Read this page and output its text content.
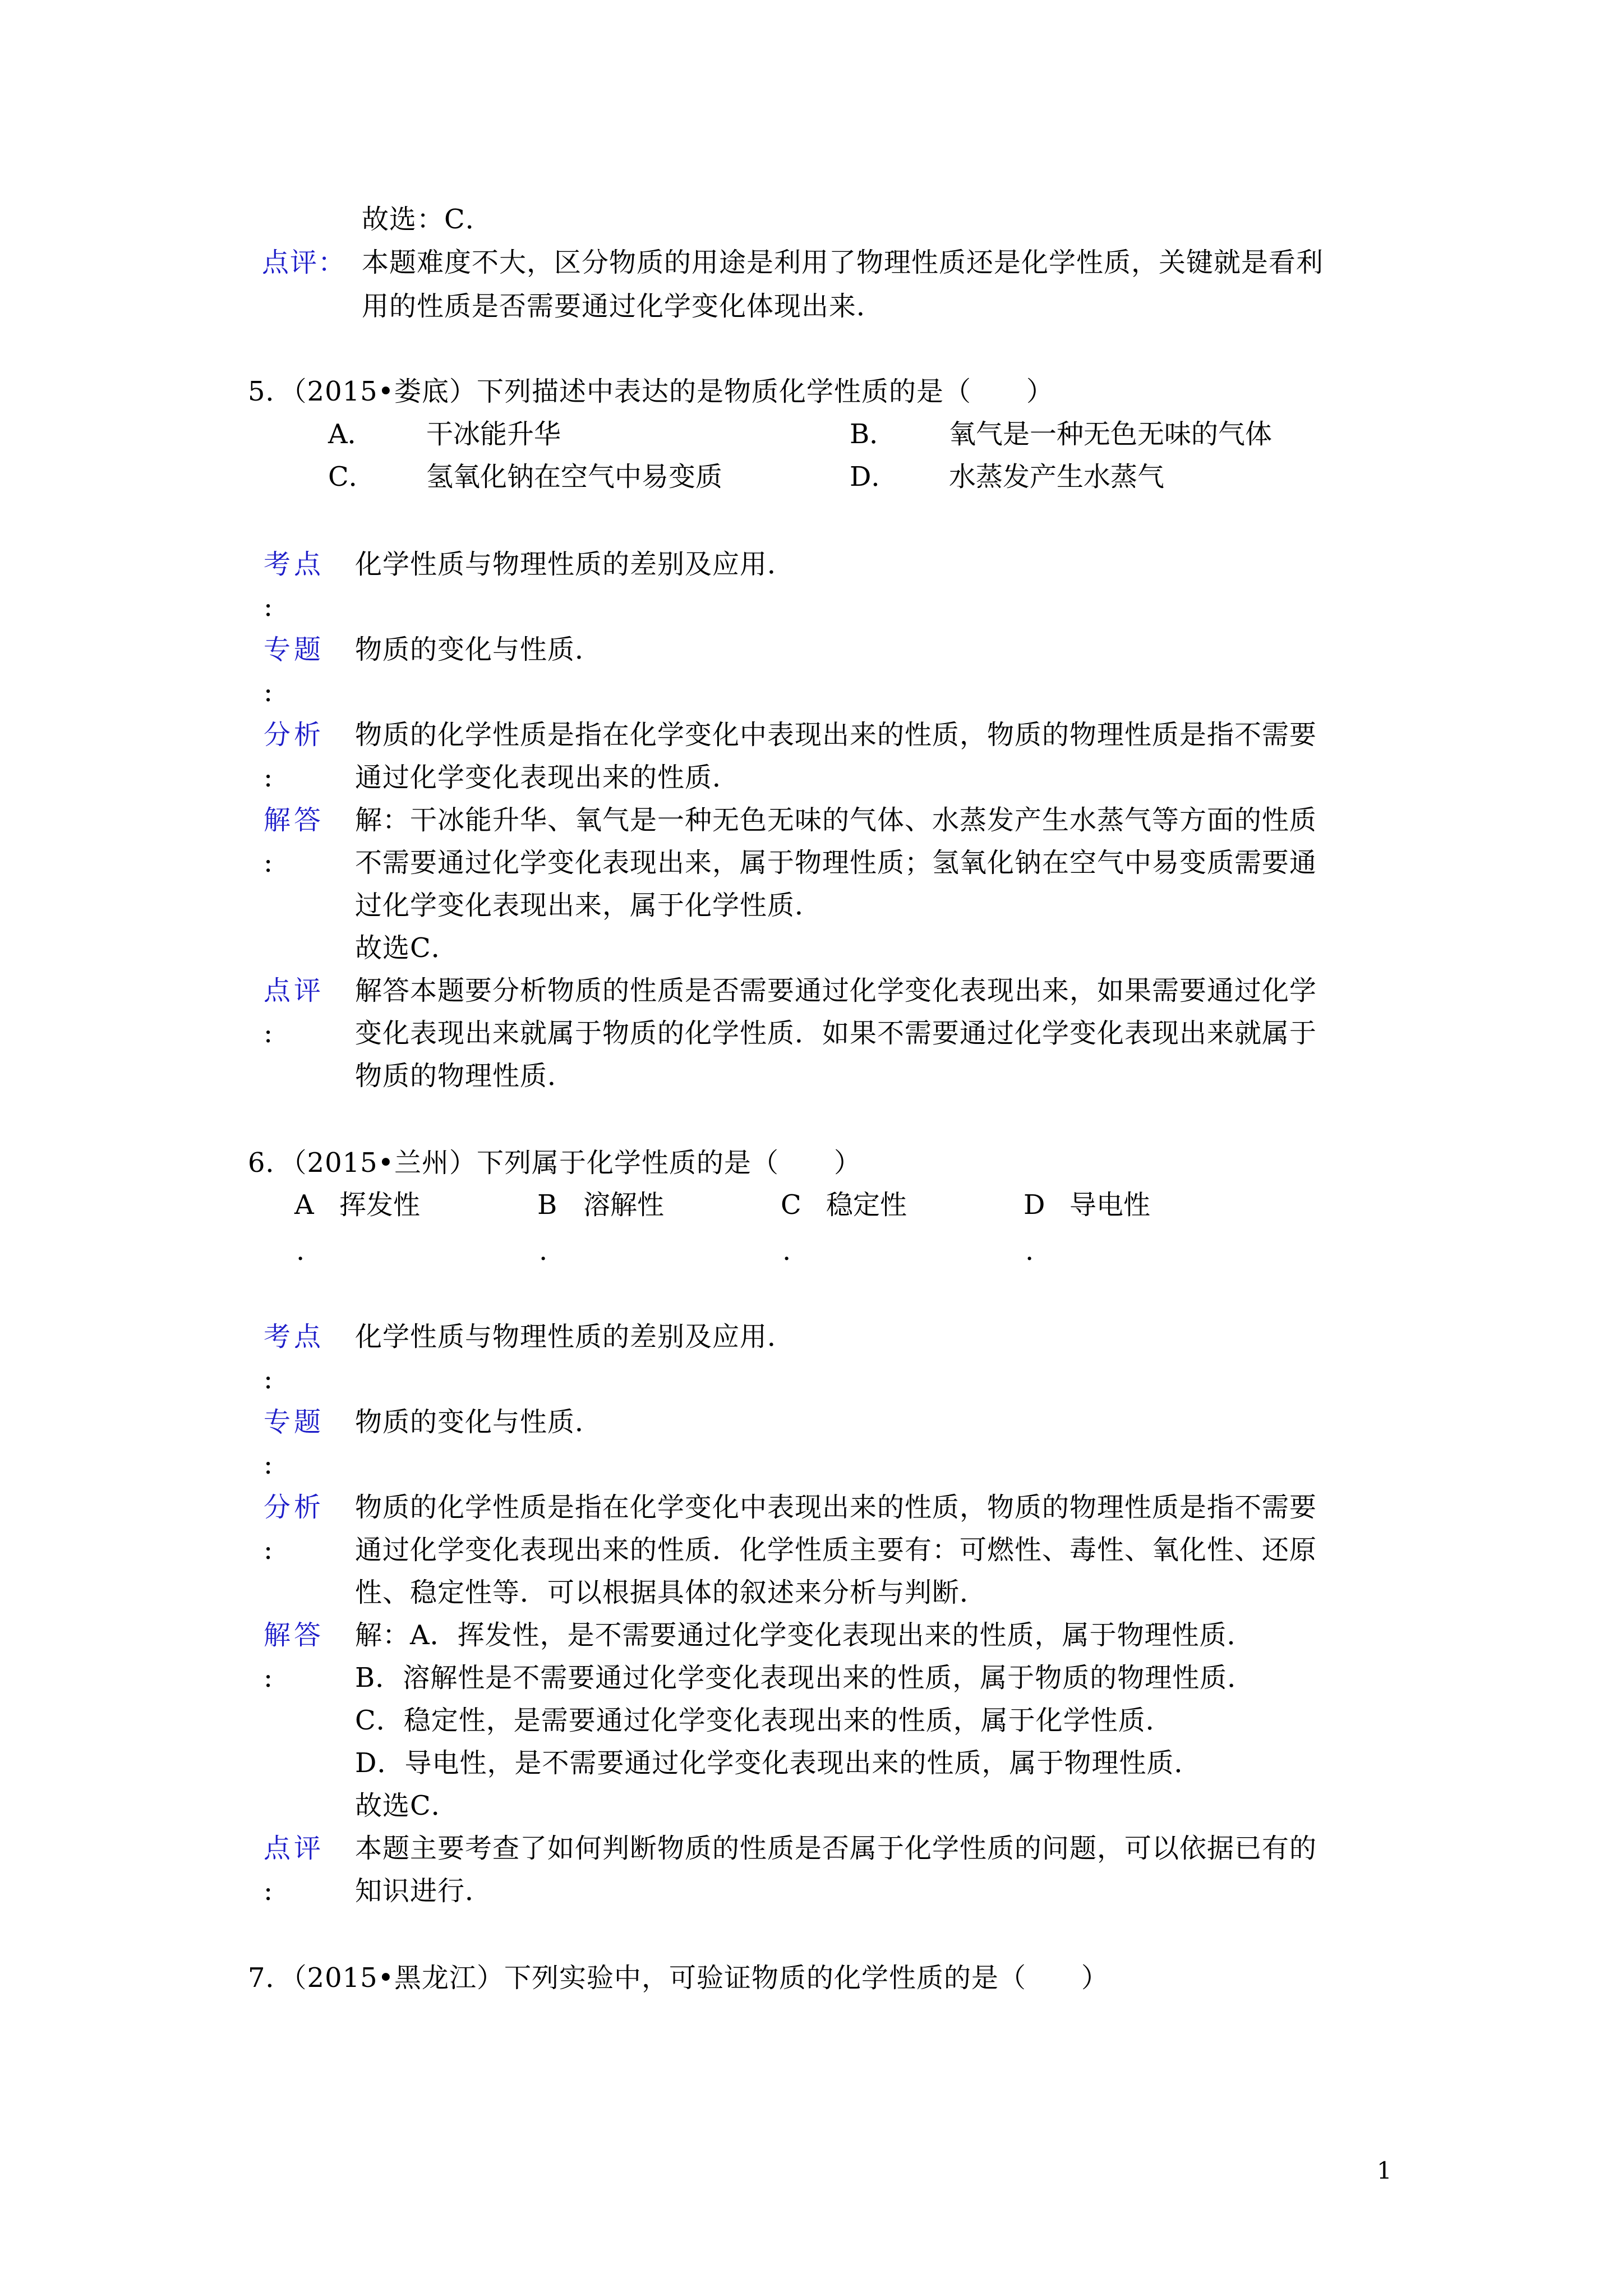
故选：C．
点评： 本题难度不大，区分物质的用途是利用了物理性质还是化学性质，关键就是看利
用的性质是否需要通过化学变化体现出来．
5．（2015•娄底）下列描述中表达的是物质化学性质的是（　　）
A． 干冰能升华	B． 氧气是一种无色无味的气体
C． 氢氧化钠在空气中易变质	D． 水蒸发产生水蒸气
考点
:
化学性质与物理性质的差别及应用．
专题
:
物质的变化与性质．
分析
:
物质的化学性质是指在化学变化中表现出来的性质，物质的物理性质是指不需要
通过化学变化表现出来的性质．
解答
:
解：干冰能升华、氧气是一种无色无味的气体、水蒸发产生水蒸气等方面的性质
不需要通过化学变化表现出来，属于物理性质；氢氧化钠在空气中易变质需要通
过化学变化表现出来，属于化学性质．
故选C．
点评
:
解答本题要分析物质的性质是否需要通过化学变化表现出来，如果需要通过化学
变化表现出来就属于物质的化学性质．如果不需要通过化学变化表现出来就属于
物质的物理性质．
6．（2015•兰州）下列属于化学性质的是（　　）
A 挥发性
.
B 溶解性
.
C 稳定性
.
D 导电性
.
考点
:
化学性质与物理性质的差别及应用．
专题
:
物质的变化与性质．
分析
:
物质的化学性质是指在化学变化中表现出来的性质，物质的物理性质是指不需要
通过化学变化表现出来的性质．化学性质主要有：可燃性、毒性、氧化性、还原
性、稳定性等．可以根据具体的叙述来分析与判断．
解答
:
解：A．挥发性，是不需要通过化学变化表现出来的性质，属于物理性质．
B．溶解性是不需要通过化学变化表现出来的性质，属于物质的物理性质．
C．稳定性，是需要通过化学变化表现出来的性质，属于化学性质．
D．导电性，是不需要通过化学变化表现出来的性质，属于物理性质．
故选C．
点评
:
本题主要考查了如何判断物质的性质是否属于化学性质的问题，可以依据已有的
知识进行．
7．（2015•黑龙江）下列实验中，可验证物质的化学性质的是（　　）
1
